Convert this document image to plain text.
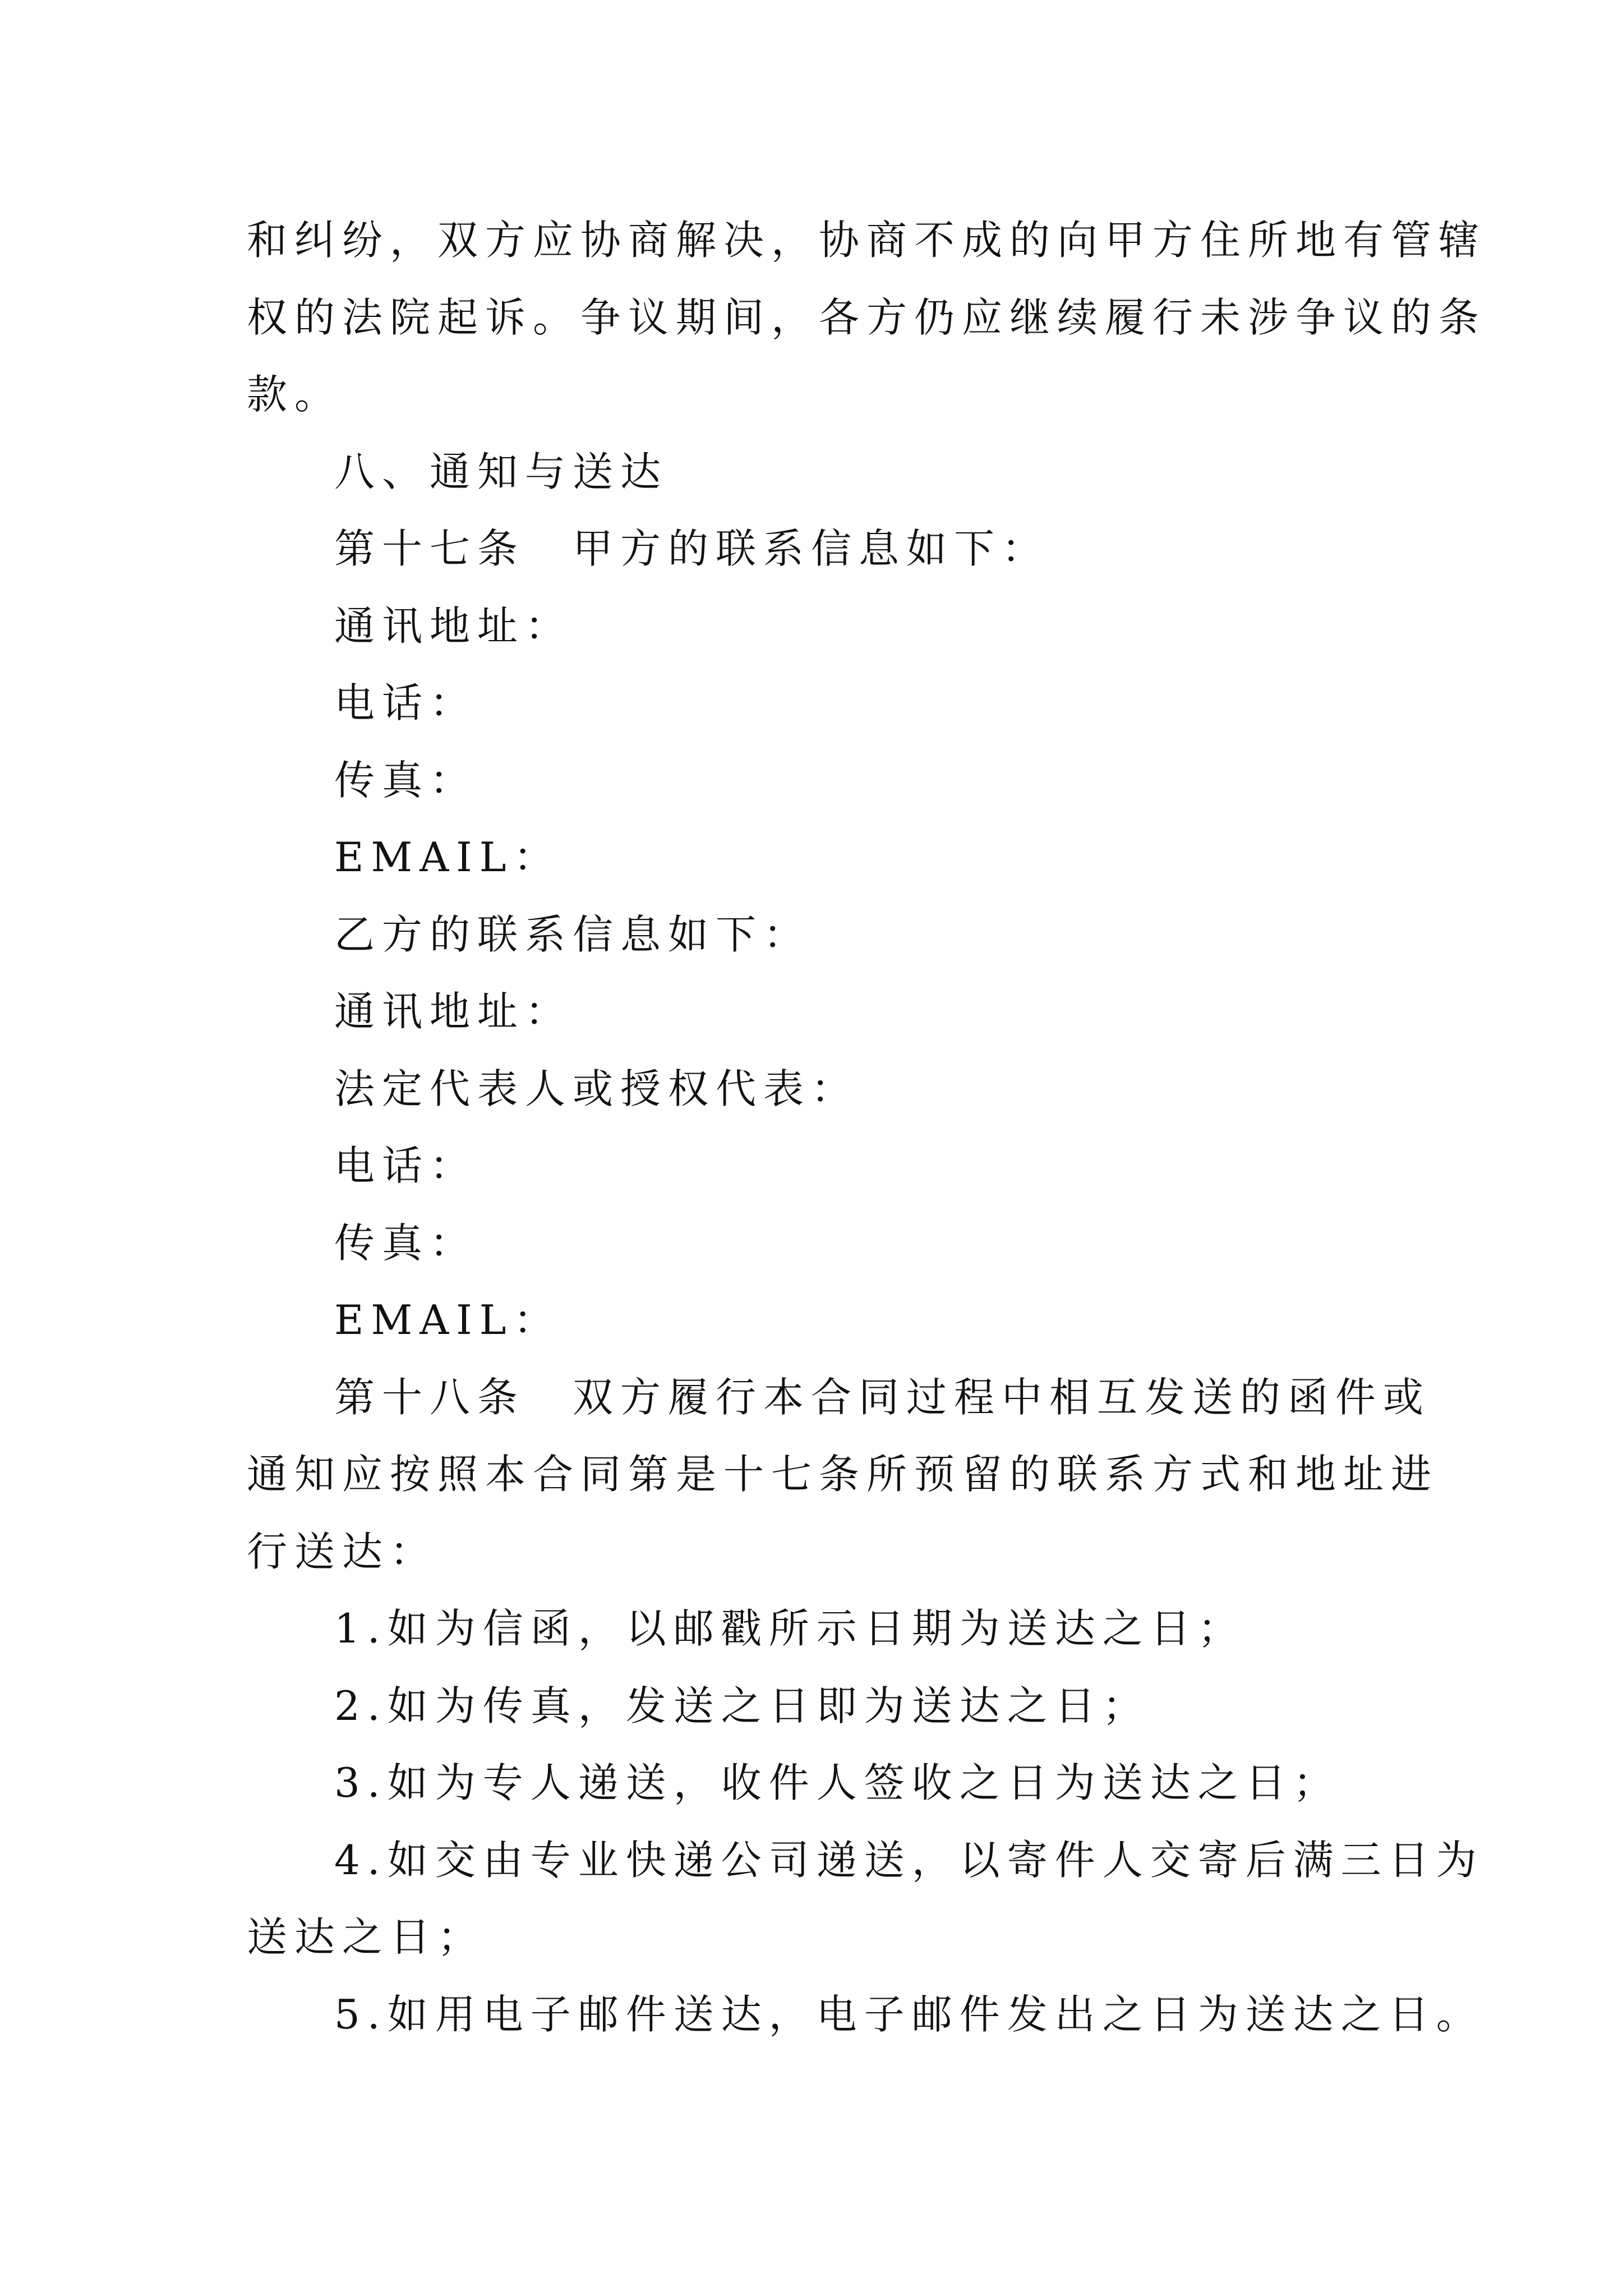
和纠纷，双方应协商解决，协商不成的向甲方住所地有管辖
权的法院起诉。争议期间，各方仍应继续履行未涉争议的条
款。
八、通知与送达
第十七条　甲方的联系信息如下：
通讯地址：
电话：
传真：
EMAIL：
乙方的联系信息如下：
通讯地址：
法定代表人或授权代表：
电话：
传真：
EMAIL：
第十八条　双方履行本合同过程中相互发送的函件或
通知应按照本合同第是十七条所预留的联系方式和地址进
行送达：
1.如为信函，以邮戳所示日期为送达之日；
2.如为传真，发送之日即为送达之日；
3.如为专人递送，收件人签收之日为送达之日；
4.如交由专业快递公司递送，以寄件人交寄后满三日为
送达之日；
5.如用电子邮件送达，电子邮件发出之日为送达之日。
